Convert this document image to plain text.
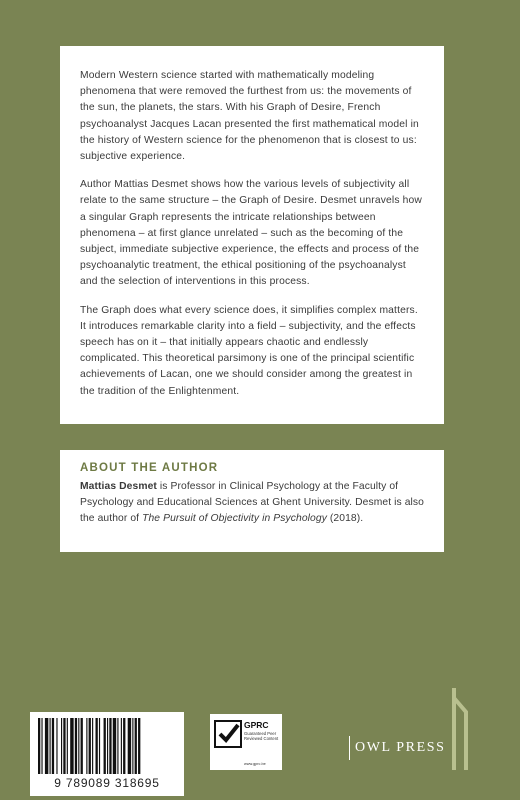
Modern Western science started with mathematically modeling phenomena that were removed the furthest from us: the movements of the sun, the planets, the stars. With his Graph of Desire, French psychoanalyst Jacques Lacan presented the first mathematical model in the history of Western science for the phenomenon that is closest to us: subjective experience.

Author Mattias Desmet shows how the various levels of subjectivity all relate to the same structure – the Graph of Desire. Desmet unravels how a singular Graph represents the intricate relationships between phenomena – at first glance unrelated – such as the becoming of the subject, immediate subjective experience, the effects and process of the psychoanalytic treatment, the ethical positioning of the psychoanalyst and the selection of interventions in this process.

The Graph does what every science does, it simplifies complex matters. It introduces remarkable clarity into a field – subjectivity, and the effects speech has on it – that initially appears chaotic and endlessly complicated. This theoretical parsimony is one of the principal scientific achievements of Lacan, one we should consider among the greatest in the tradition of the Enlightenment.

ABOUT THE AUTHOR

Mattias Desmet is Professor in Clinical Psychology at the Faculty of Psychology and Educational Sciences at Ghent University. Desmet is also the author of The Pursuit of Objectivity in Psychology (2018).

9 789089 318695
GPRC
Guaranteed Peer Reviewed Content
www.gprc.be
OWL PRESS
